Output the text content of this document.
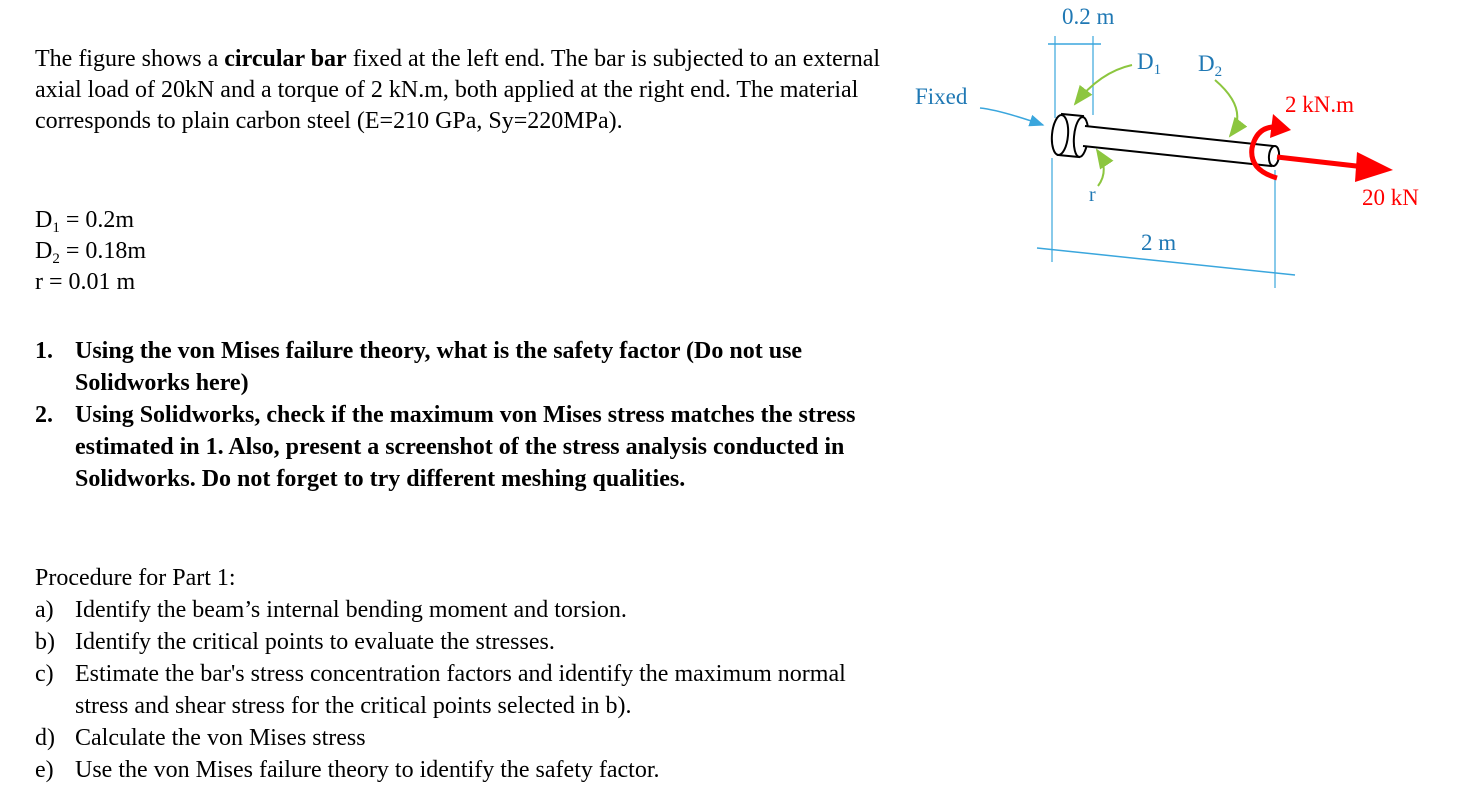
The figure shows a circular bar fixed at the left end. The bar is subjected to an external axial load of 20kN and a torque of 2 kN.m, both applied at the right end. The material corresponds to plain carbon steel (E=210 GPa, Sy=220MPa).
$D_1 = 0.2m$
$D_2 = 0.18m$
r = 0.01 m
1. Using the von Mises failure theory, what is the safety factor (Do not use Solidworks here)
2. Using Solidworks, check if the maximum von Mises stress matches the stress estimated in 1. Also, present a screenshot of the stress analysis conducted in Solidworks. Do not forget to try different meshing qualities.
Procedure for Part 1:
a) Identify the beam’s internal bending moment and torsion.
b) Identify the critical points to evaluate the stresses.
c) Estimate the bar's stress concentration factors and identify the maximum normal stress and shear stress for the critical points selected in b).
d) Calculate the von Mises stress
e) Use the von Mises failure theory to identify the safety factor.
0.2 m
Fixed
$D_1$ $D_2$
2 kN.m
20 kN
r
2 m
